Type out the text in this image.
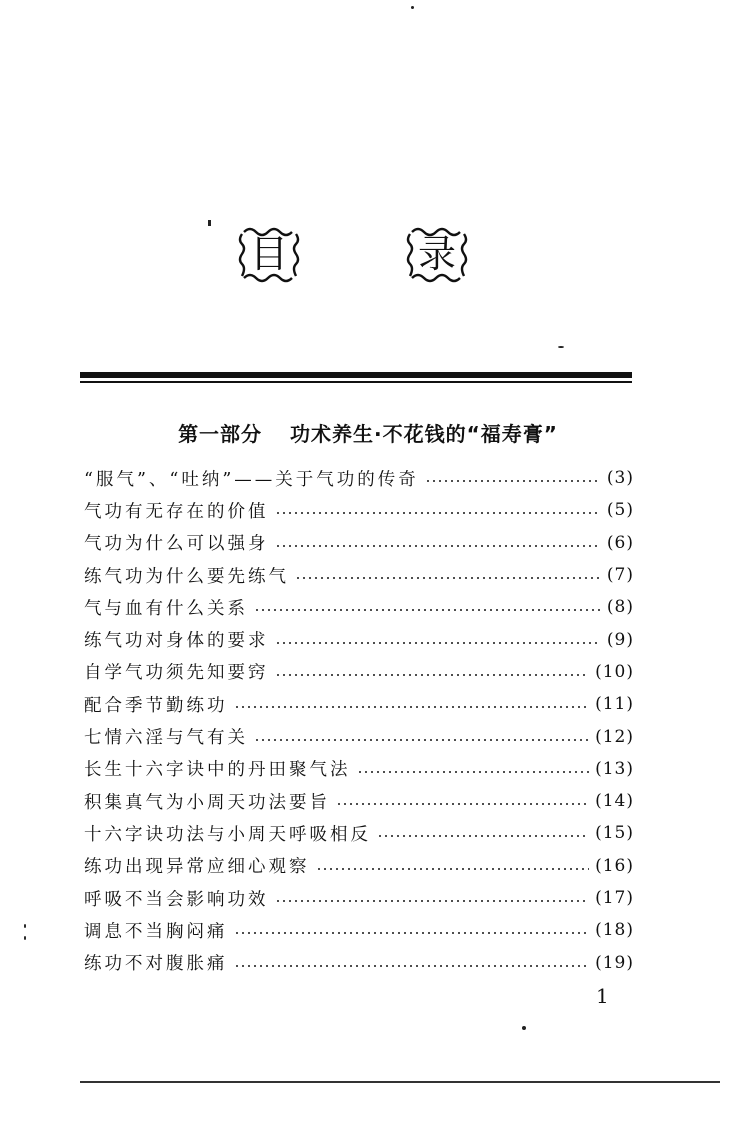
目	录
第一部分 功术养生·不花钱的“福寿膏”
“服气”、“吐纳”——关于气功的传奇	(3)
气功有无存在的价值	(5)
气功为什么可以强身	(6)
练气功为什么要先练气	(7)
气与血有什么关系	(8)
练气功对身体的要求	(9)
自学气功须先知要窍	(10)
配合季节勤练功	(11)
七情六淫与气有关	(12)
长生十六字诀中的丹田聚气法	(13)
积集真气为小周天功法要旨	(14)
十六字诀功法与小周天呼吸相反	(15)
练功出现异常应细心观察	(16)
呼吸不当会影响功效	(17)
调息不当胸闷痛	(18)
练功不对腹胀痛	(19)
1
